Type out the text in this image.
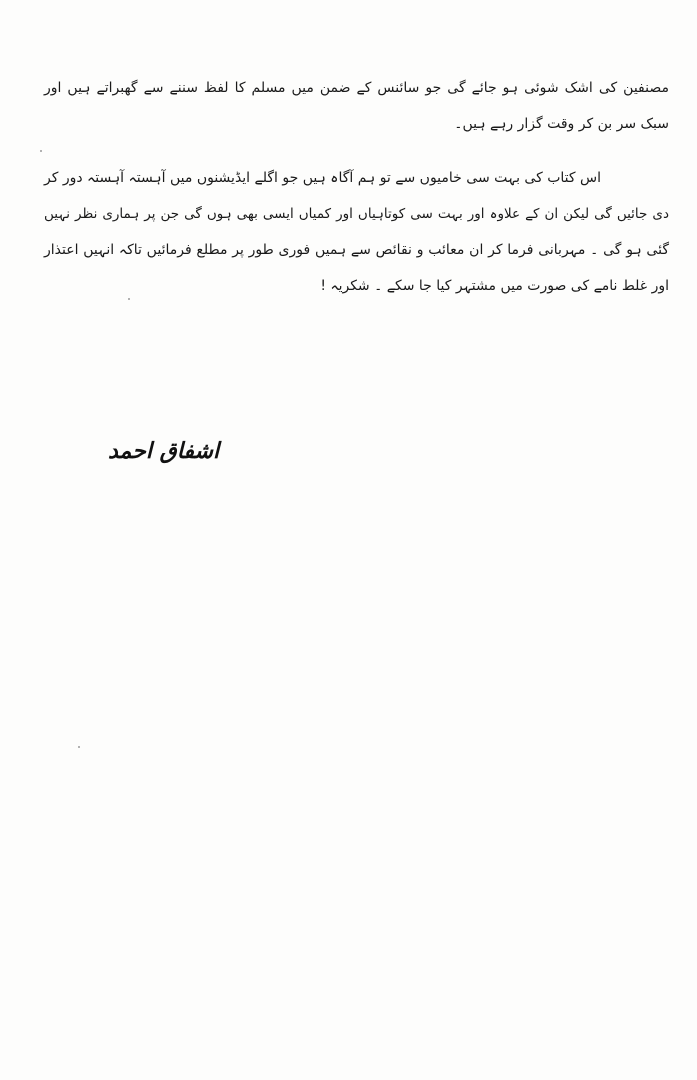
مصنفین کی اشک شوئی ہو جائے گی جو سائنس کے ضمن میں مسلم کا لفظ سننے سے گھبراتے ہیں اور
سبک سر بن کر وقت گزار رہے ہیں۔
اس کتاب کی بہت سی خامیوں سے تو ہم آگاہ ہیں جو اگلے ایڈیشنوں میں آہستہ آہستہ دور کر
دی جائیں گی لیکن ان کے علاوہ اور بہت سی کوتاہیاں اور کمیاں ایسی بھی ہوں گی جن پر ہماری نظر نہیں
گئی ہو گی ۔ مہربانی فرما کر ان معائب و نقائص سے ہمیں فوری طور پر مطلع فرمائیں تاکہ انہیں اعتذار
اور غلط نامے کی صورت میں مشتہر کیا جا سکے ۔ شکریہ !
اشفاق احمد
